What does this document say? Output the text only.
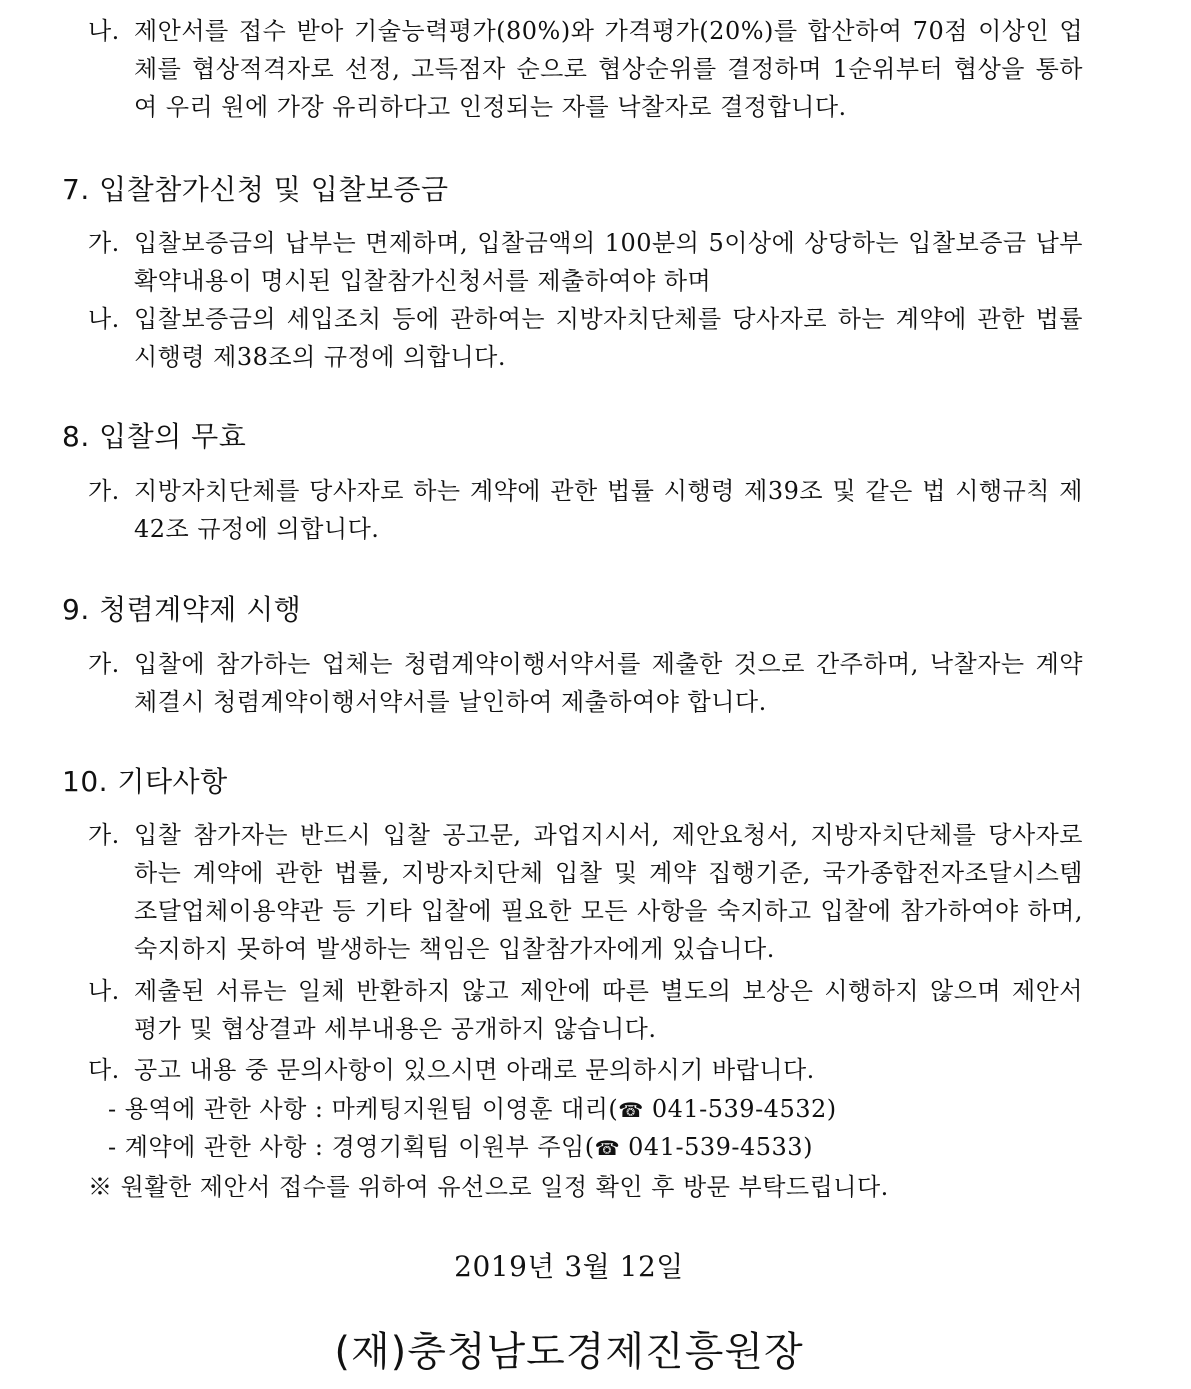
나. 제안서를 접수 받아 기술능력평가(80%)와 가격평가(20%)를 합산하여 70점 이상인 업체를 협상적격자로 선정, 고득점자 순으로 협상순위를 결정하며 1순위부터 협상을 통하여 우리 원에 가장 유리하다고 인정되는 자를 낙찰자로 결정합니다.
7. 입찰참가신청 및 입찰보증금
가. 입찰보증금의 납부는 면제하며, 입찰금액의 100분의 5이상에 상당하는 입찰보증금 납부 확약내용이 명시된 입찰참가신청서를 제출하여야 하며
나. 입찰보증금의 세입조치 등에 관하여는 지방자치단체를 당사자로 하는 계약에 관한 법률 시행령 제38조의 규정에 의합니다.
8. 입찰의 무효
가. 지방자치단체를 당사자로 하는 계약에 관한 법률 시행령 제39조 및 같은 법 시행규칙 제42조 규정에 의합니다.
9. 청렴계약제 시행
가. 입찰에 참가하는 업체는 청렴계약이행서약서를 제출한 것으로 간주하며, 낙찰자는 계약 체결시 청렴계약이행서약서를 날인하여 제출하여야 합니다.
10. 기타사항
가. 입찰 참가자는 반드시 입찰 공고문, 과업지시서, 제안요청서, 지방자치단체를 당사자로 하는 계약에 관한 법률, 지방자치단체 입찰 및 계약 집행기준, 국가종합전자조달시스템 조달업체이용약관 등 기타 입찰에 필요한 모든 사항을 숙지하고 입찰에 참가하여야 하며, 숙지하지 못하여 발생하는 책임은 입찰참가자에게 있습니다.
나. 제출된 서류는 일체 반환하지 않고 제안에 따른 별도의 보상은 시행하지 않으며 제안서 평가 및 협상결과 세부내용은 공개하지 않습니다.
다. 공고 내용 중 문의사항이 있으시면 아래로 문의하시기 바랍니다.
- 용역에 관한 사항 : 마케팅지원팀 이영훈 대리(☎ 041-539-4532)
- 계약에 관한 사항 : 경영기획팀 이원부 주임(☎ 041-539-4533)
※ 원활한 제안서 접수를 위하여 유선으로 일정 확인 후 방문 부탁드립니다.
2019년 3월 12일
(재)충청남도경제진흥원장
